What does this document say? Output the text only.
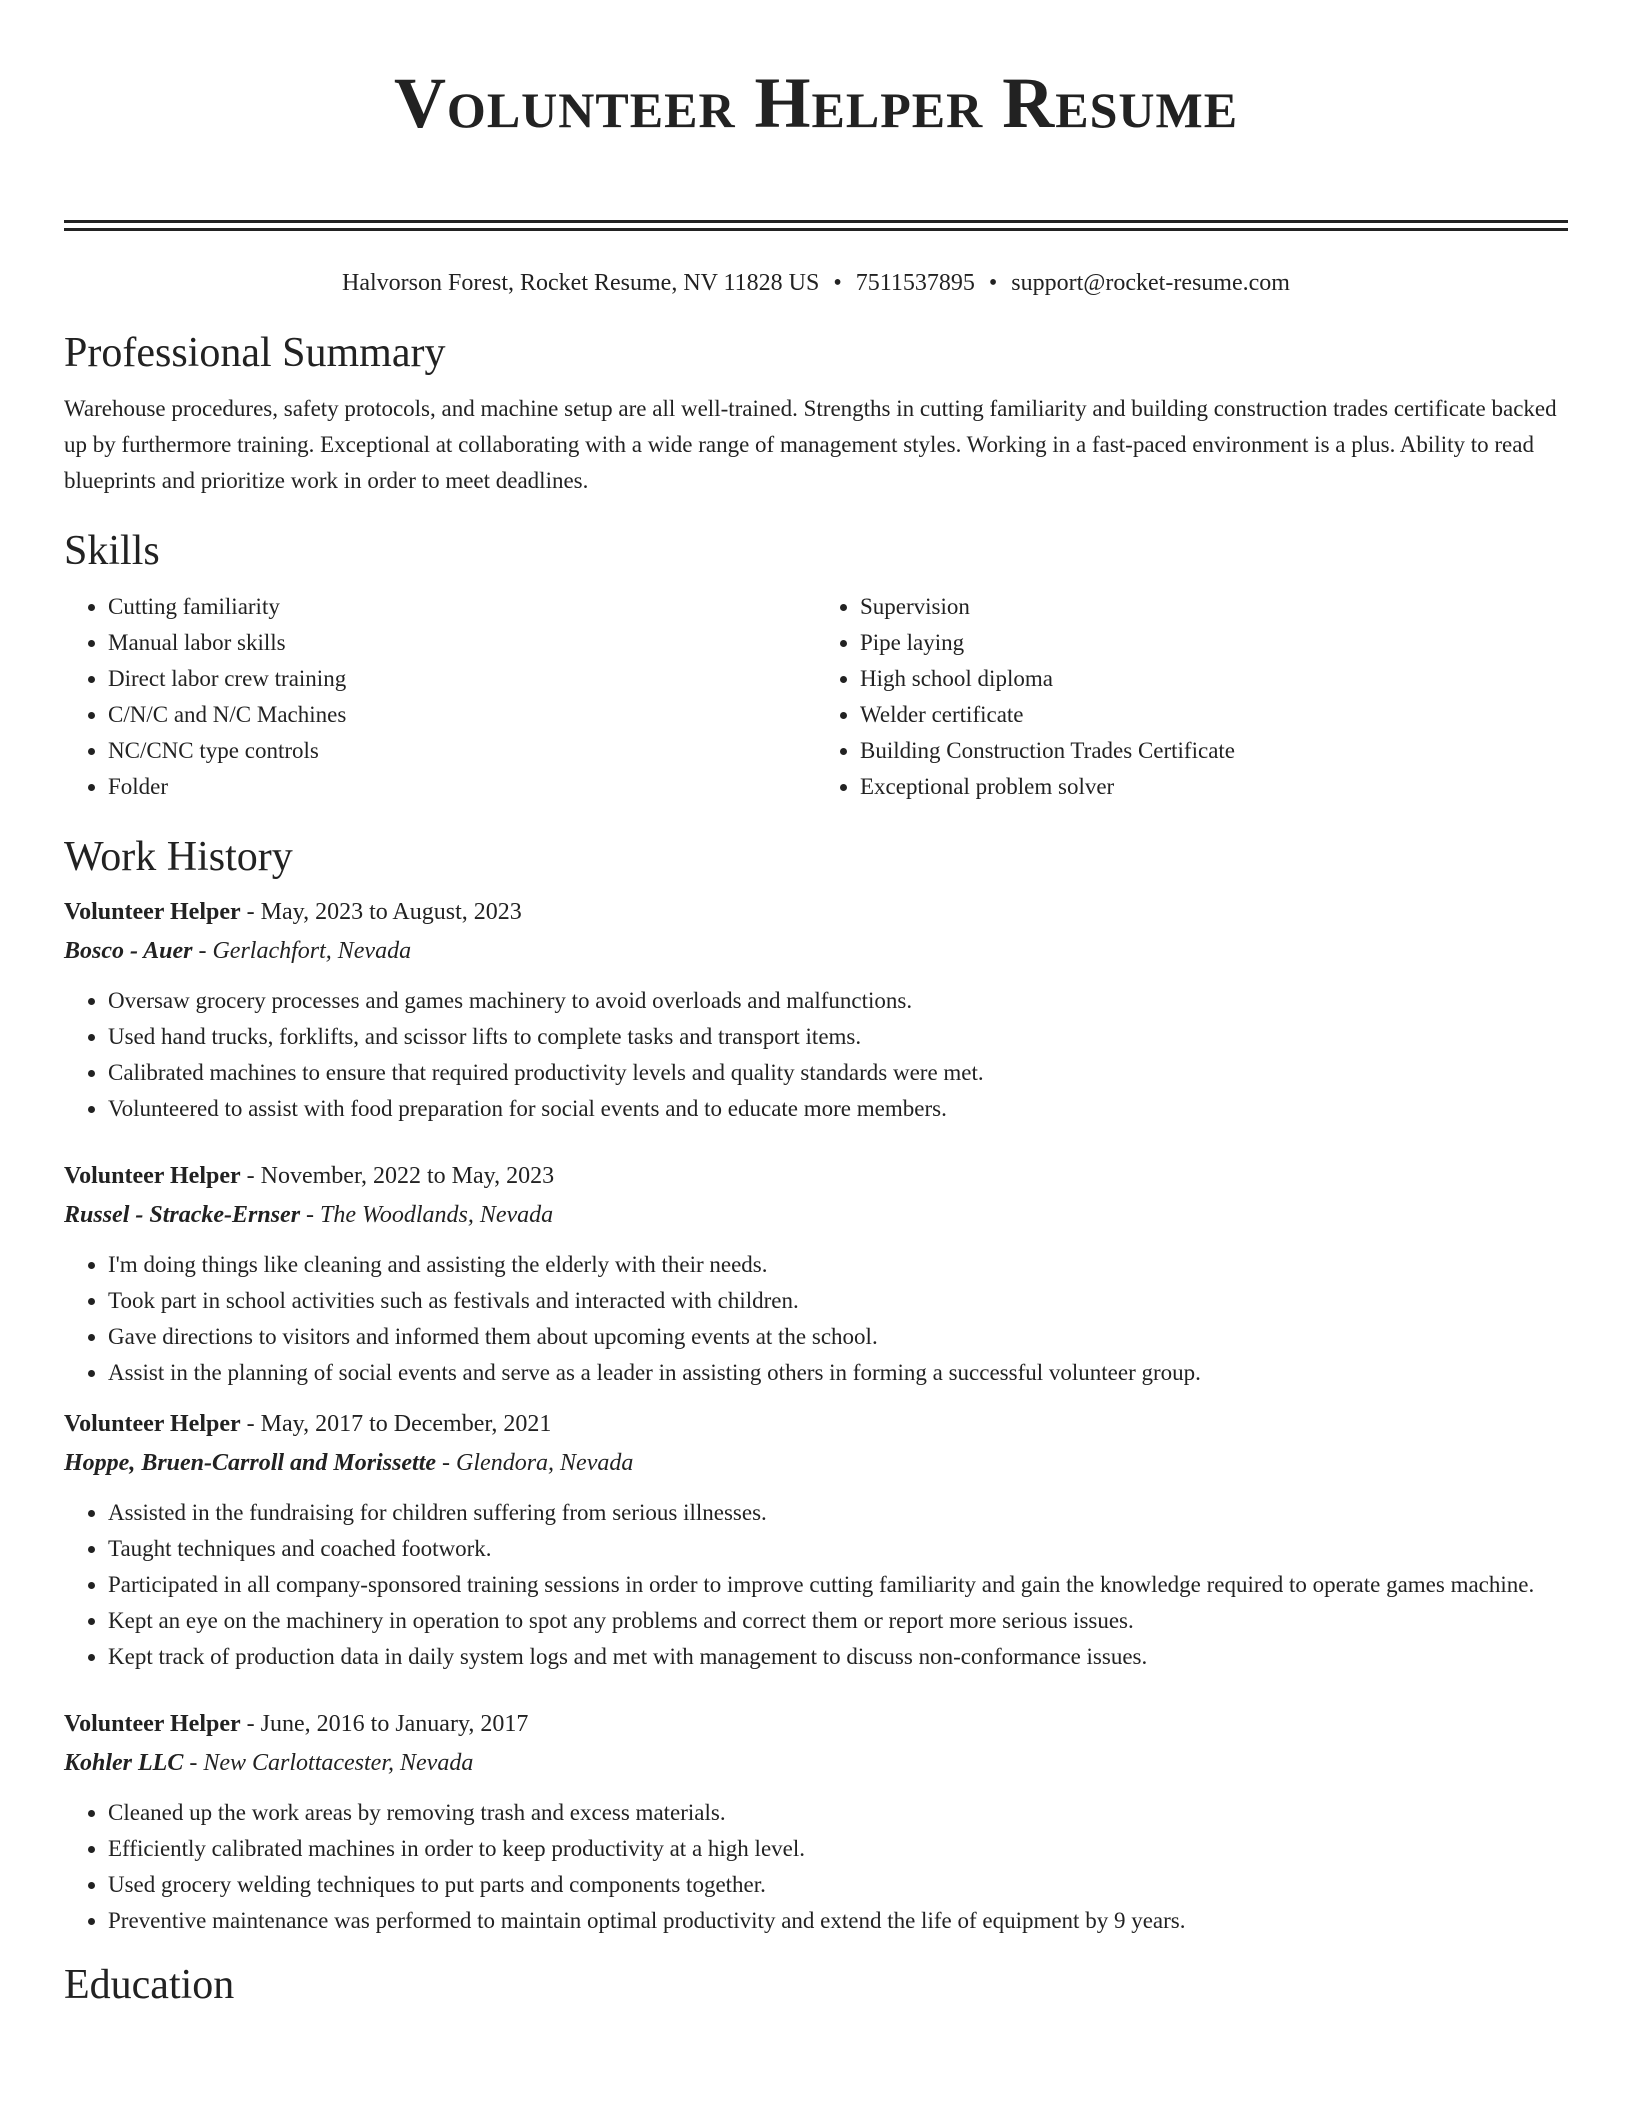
Volunteer Helper Resume
Halvorson Forest, Rocket Resume, NV 11828 US • 7511537895 • support@rocket-resume.com
Professional Summary

Warehouse procedures, safety protocols, and machine setup are all well-trained. Strengths in cutting familiarity and building construction trades certificate backed up by furthermore training. Exceptional at collaborating with a wide range of management styles. Working in a fast-paced environment is a plus. Ability to read blueprints and prioritize work in order to meet deadlines.

Skills
• Cutting familiarity
• Manual labor skills
• Direct labor crew training
• C/N/C and N/C Machines
• NC/CNC type controls
• Folder
• Supervision
• Pipe laying
• High school diploma
• Welder certificate
• Building Construction Trades Certificate
• Exceptional problem solver
Work History
Volunteer Helper - May, 2023 to August, 2023
Bosco - Auer - Gerlachfort, Nevada
• Oversaw grocery processes and games machinery to avoid overloads and malfunctions.
• Used hand trucks, forklifts, and scissor lifts to complete tasks and transport items.
• Calibrated machines to ensure that required productivity levels and quality standards were met.
• Volunteered to assist with food preparation for social events and to educate more members.
Volunteer Helper - November, 2022 to May, 2023
Russel - Stracke-Ernser - The Woodlands, Nevada
• I'm doing things like cleaning and assisting the elderly with their needs.
• Took part in school activities such as festivals and interacted with children.
• Gave directions to visitors and informed them about upcoming events at the school.
• Assist in the planning of social events and serve as a leader in assisting others in forming a successful volunteer group.
Volunteer Helper - May, 2017 to December, 2021
Hoppe, Bruen-Carroll and Morissette - Glendora, Nevada
• Assisted in the fundraising for children suffering from serious illnesses.
• Taught techniques and coached footwork.
• Participated in all company-sponsored training sessions in order to improve cutting familiarity and gain the knowledge required to operate games machine.
• Kept an eye on the machinery in operation to spot any problems and correct them or report more serious issues.
• Kept track of production data in daily system logs and met with management to discuss non-conformance issues.
Volunteer Helper - June, 2016 to January, 2017
Kohler LLC - New Carlottacester, Nevada
• Cleaned up the work areas by removing trash and excess materials.
• Efficiently calibrated machines in order to keep productivity at a high level.
• Used grocery welding techniques to put parts and components together.
• Preventive maintenance was performed to maintain optimal productivity and extend the life of equipment by 9 years.
Education
